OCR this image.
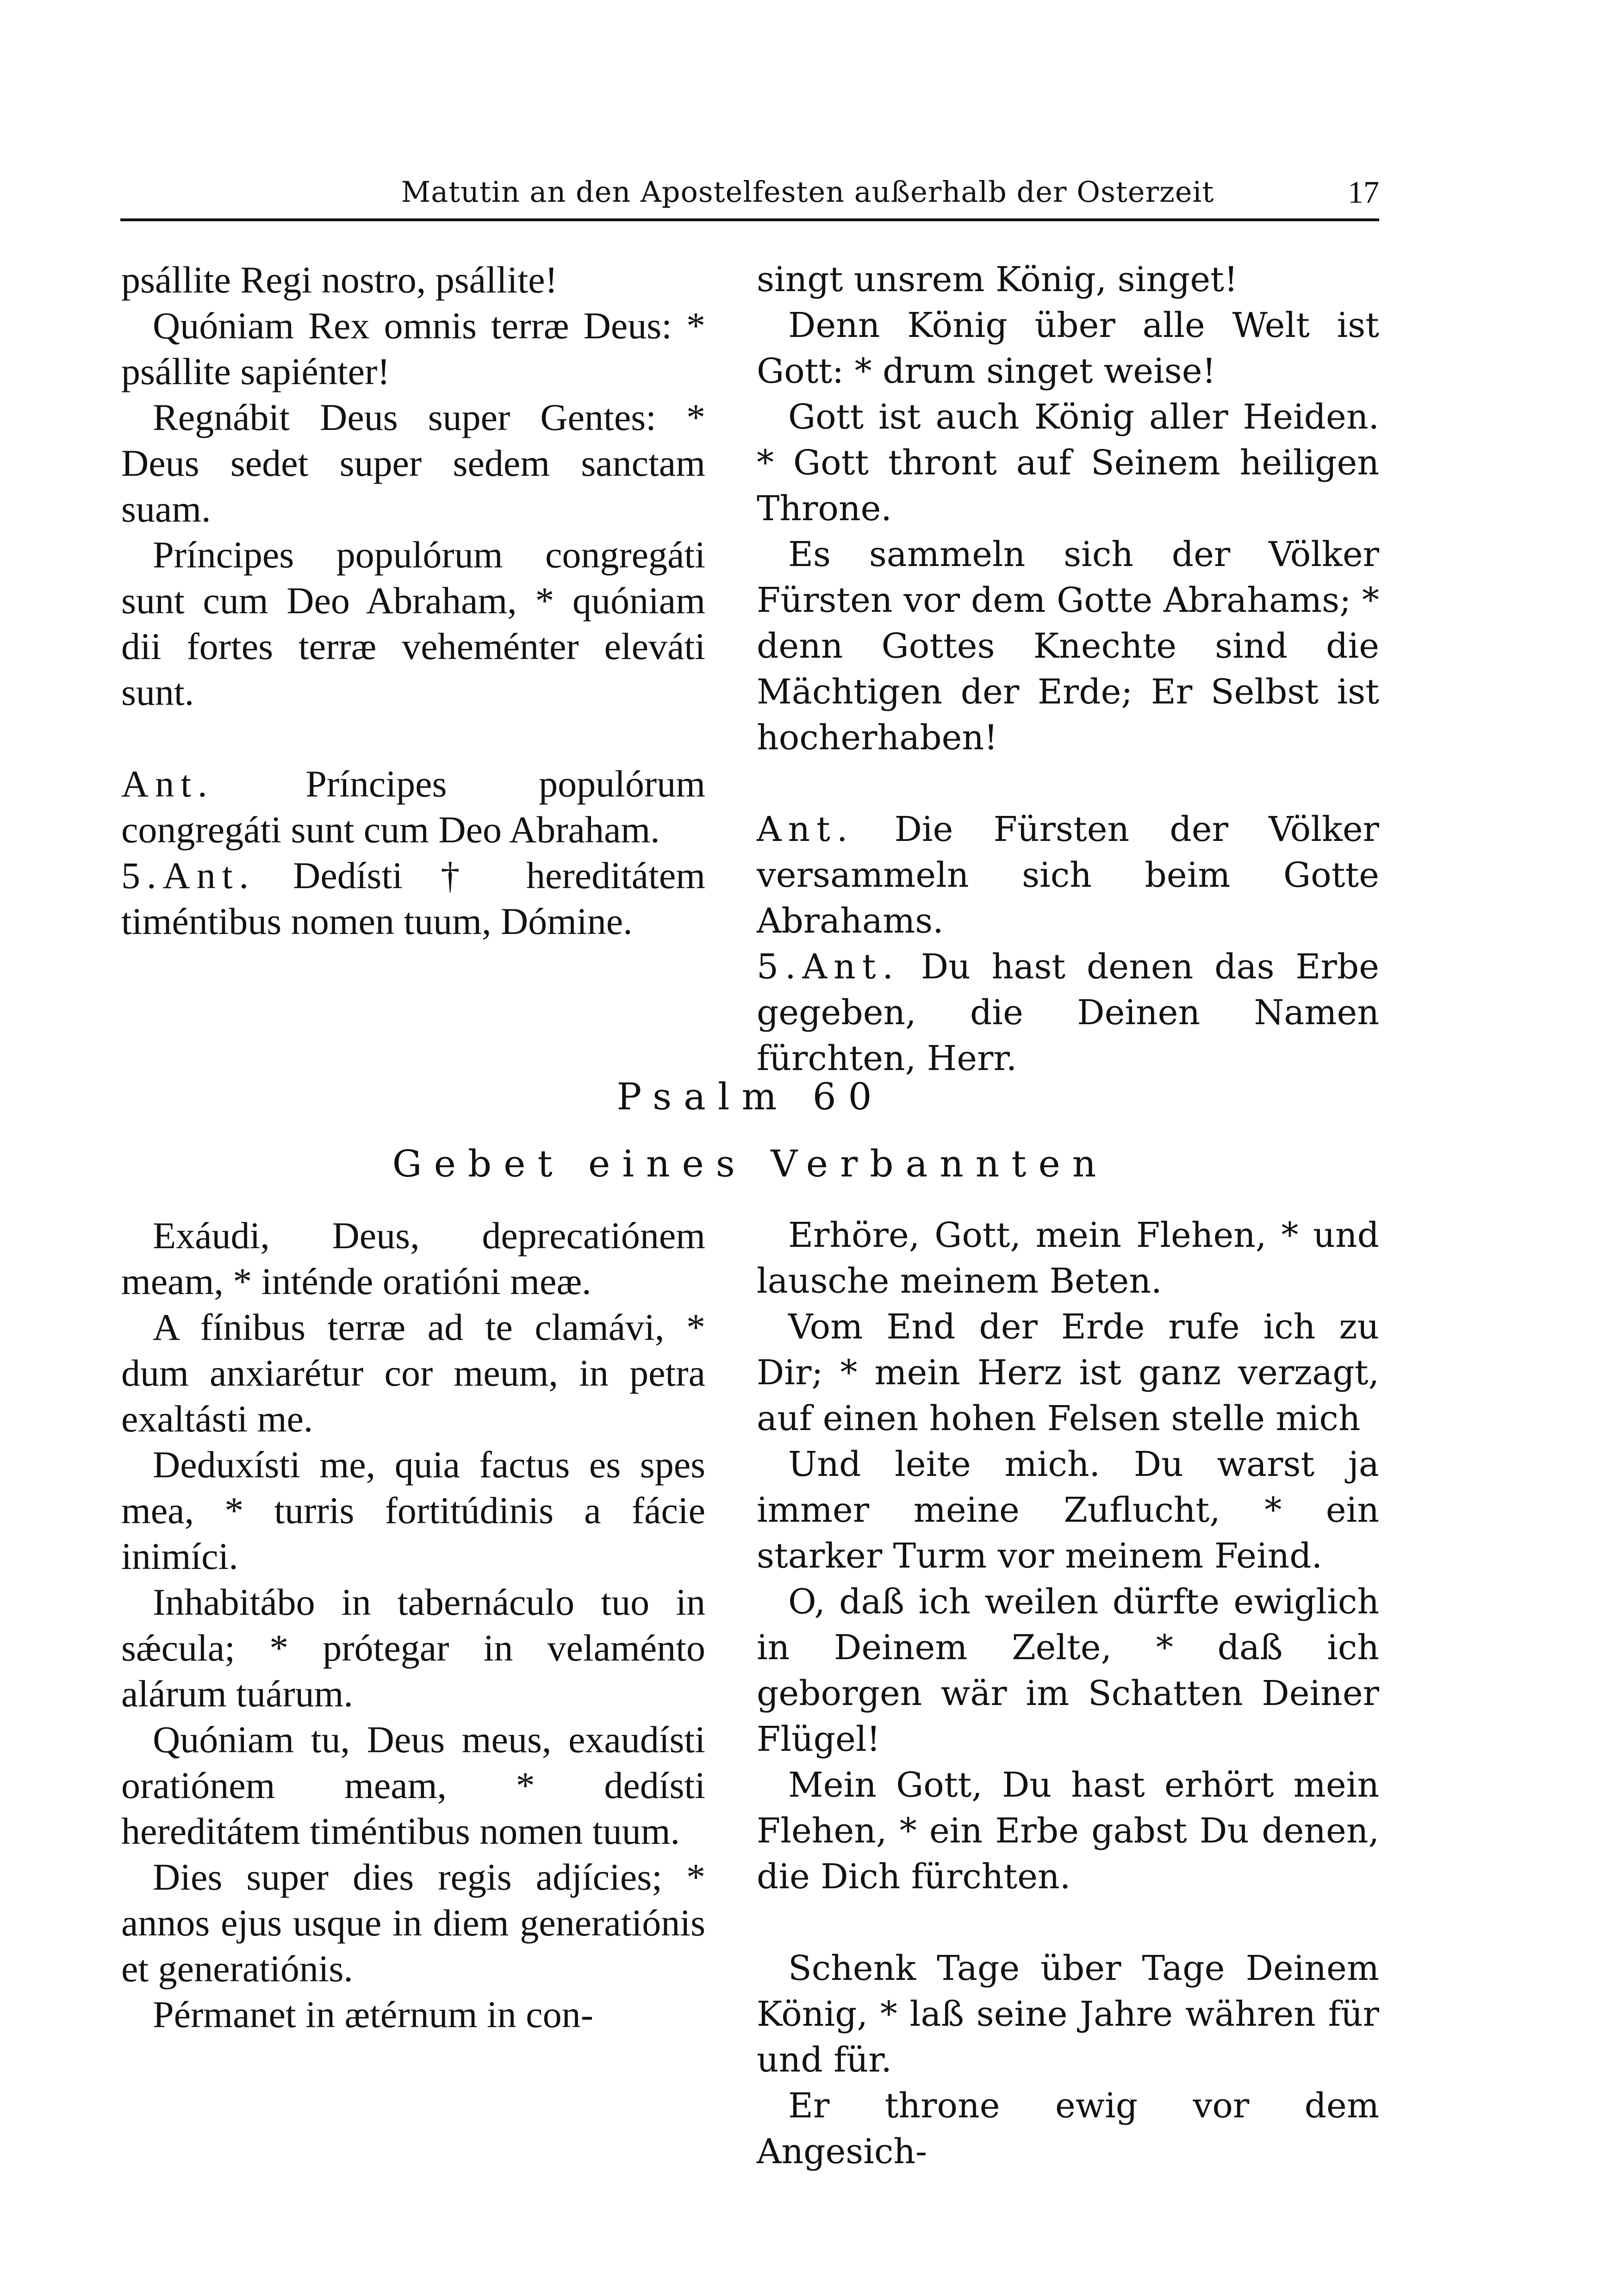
Matutin an den Apostelfesten außerhalb der Osterzeit	17

psállite Regi nostro, psállite!

Quóniam Rex omnis terræ Deus: * psállite sapiénter!

Regnábit Deus super Gentes: * Deus sedet super sedem sanctam suam.

Príncipes populórum congregáti sunt cum Deo Abraham, * quóniam dii fortes terræ veheménter eleváti sunt.

Ant. Príncipes populórum congregáti sunt cum Deo Abraham.

5.Ant. Dedísti † hereditátem timéntibus nomen tuum, Dómine.

singt unsrem König, singet!

Denn König über alle Welt ist Gott: * drum singet weise!

Gott ist auch König aller Heiden. * Gott thront auf Seinem heiligen Throne.

Es sammeln sich der Völker Fürsten vor dem Gotte Abrahams; * denn Gottes Knechte sind die Mächtigen der Erde; Er Selbst ist hocherhaben!

Ant. Die Fürsten der Völker versammeln sich beim Gotte Abrahams.

5.Ant. Du hast denen das Erbe gegeben, die Deinen Namen fürchten, Herr.

Psalm 60
Gebet eines Verbannten

Exáudi, Deus, deprecatiónem meam, * inténde oratióni meæ.

A fínibus terræ ad te clamávi, * dum anxiarétur cor meum, in petra exaltásti me.

Deduxísti me, quia factus es spes mea, * turris fortitúdinis a fácie inimíci.

Inhabitábo in tabernáculo tuo in sǽcula; * prótegar in velaménto alárum tuárum.

Quóniam tu, Deus meus, exaudísti oratiónem meam, * dedísti hereditátem timéntibus nomen tuum.

Dies super dies regis adjícies; * annos ejus usque in diem generatiónis et generatiónis.

Pérmanet in ætérnum in con-

Erhöre, Gott, mein Flehen, * und lausche meinem Beten.

Vom End der Erde rufe ich zu Dir; * mein Herz ist ganz verzagt, auf einen hohen Felsen stelle mich

Und leite mich. Du warst ja immer meine Zuflucht, * ein starker Turm vor meinem Feind.

O, daß ich weilen dürfte ewiglich in Deinem Zelte, * daß ich geborgen wär im Schatten Deiner Flügel!

Mein Gott, Du hast erhört mein Flehen, * ein Erbe gabst Du denen, die Dich fürchten.

Schenk Tage über Tage Deinem König, * laß seine Jahre währen für und für.

Er throne ewig vor dem Angesich-
